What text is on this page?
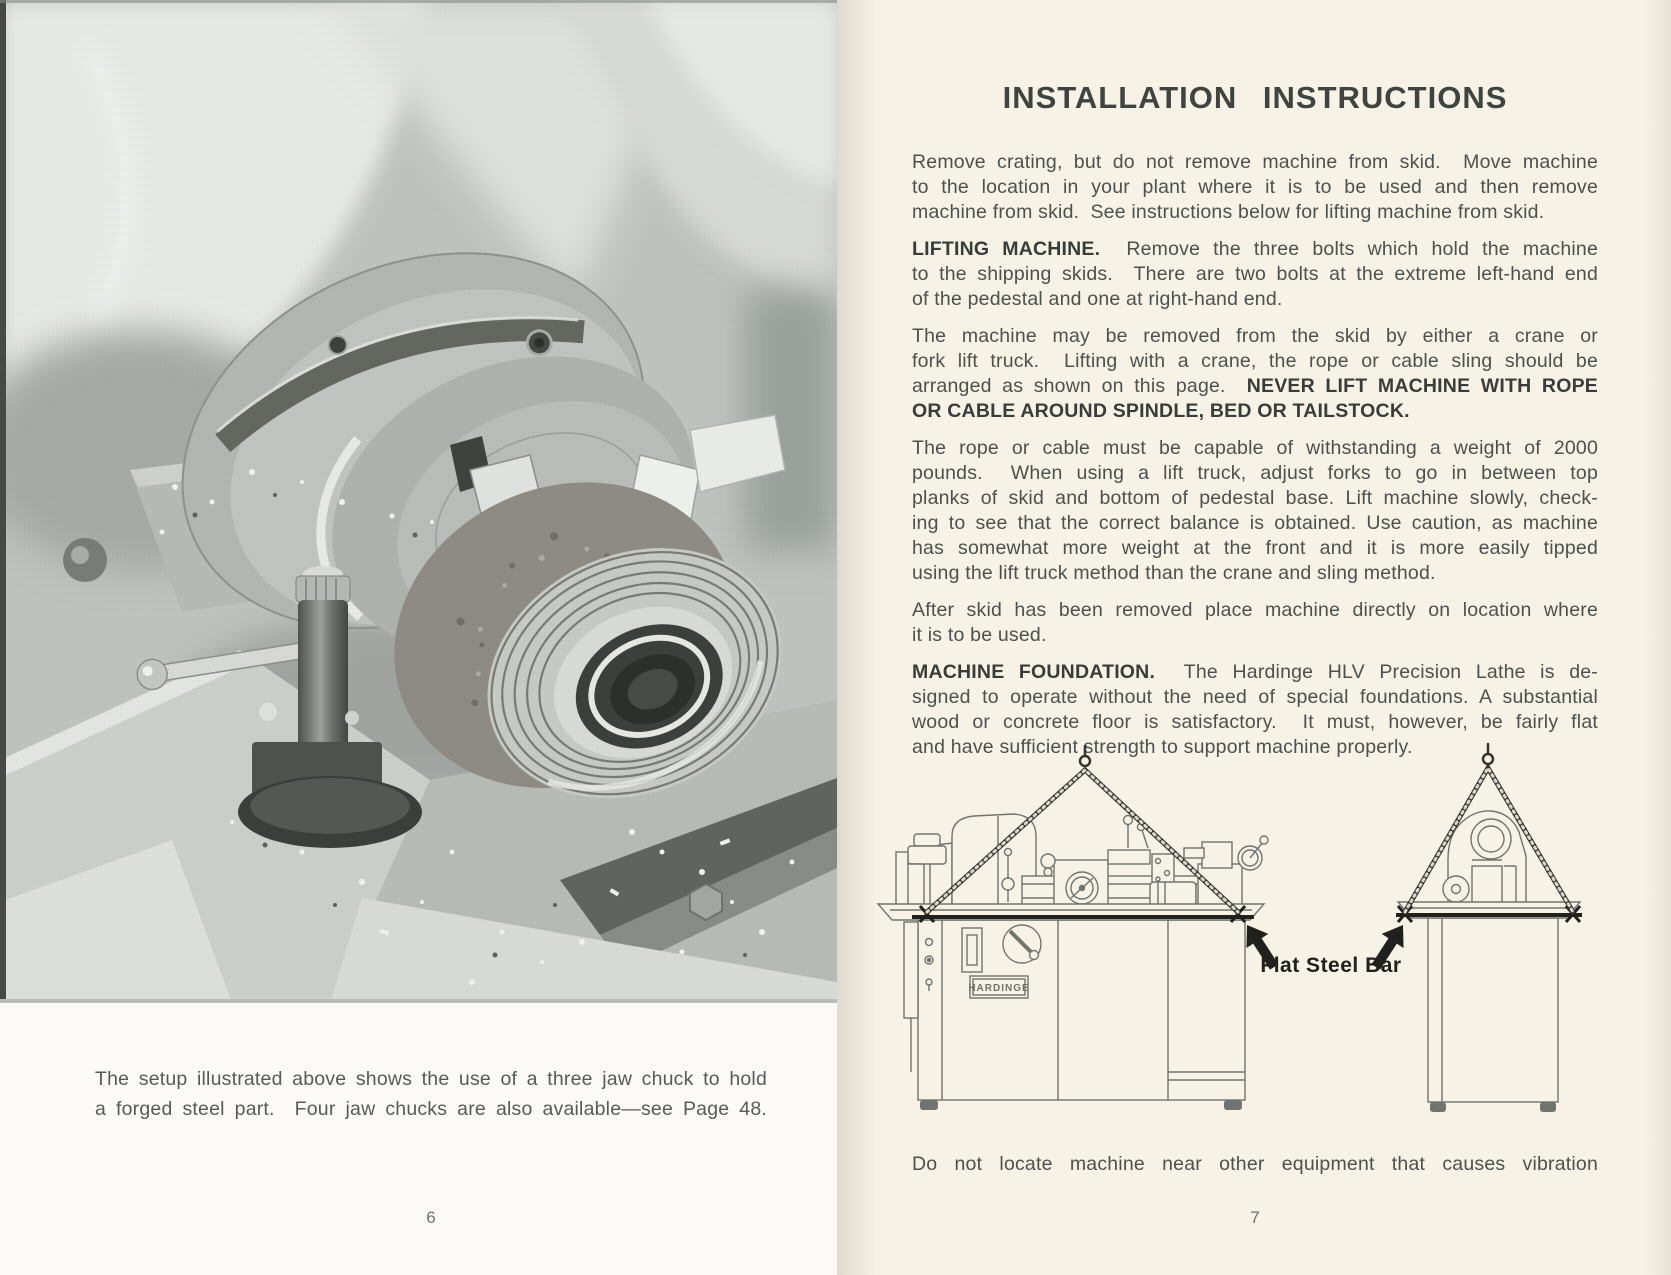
The setup illustrated above shows the use of a three jaw chuck to hold
a forged steel part.  Four jaw chucks are also available—see Page 48.
6
INSTALLATION INSTRUCTIONS
Remove crating, but do not remove machine from skid.  Move machine
to the location in your plant where it is to be used and then remove
machine from skid.  See instructions below for lifting machine from skid.
LIFTING MACHINE.  Remove the three bolts which hold the machine
to the shipping skids.  There are two bolts at the extreme left-hand end
of the pedestal and one at right-hand end.
The machine may be removed from the skid by either a crane or
fork lift truck.  Lifting with a crane, the rope or cable sling should be
arranged as shown on this page.  NEVER LIFT MACHINE WITH ROPE
OR CABLE AROUND SPINDLE, BED OR TAILSTOCK.
The rope or cable must be capable of withstanding a weight of 2000
pounds.  When using a lift truck, adjust forks to go in between top
planks of skid and bottom of pedestal base. Lift machine slowly, check-
ing to see that the correct balance is obtained. Use caution, as machine
has somewhat more weight at the front and it is more easily tipped
using the lift truck method than the crane and sling method.
After skid has been removed place machine directly on location where
it is to be used.
MACHINE FOUNDATION.  The Hardinge HLV Precision Lathe is de-
signed to operate without the need of special foundations. A substantial
wood or concrete floor is satisfactory.  It must, however, be fairly flat
and have sufficient strength to support machine properly.
Flat Steel Bar
HARDINGE
Do not locate machine near other equipment that causes vibration
7
